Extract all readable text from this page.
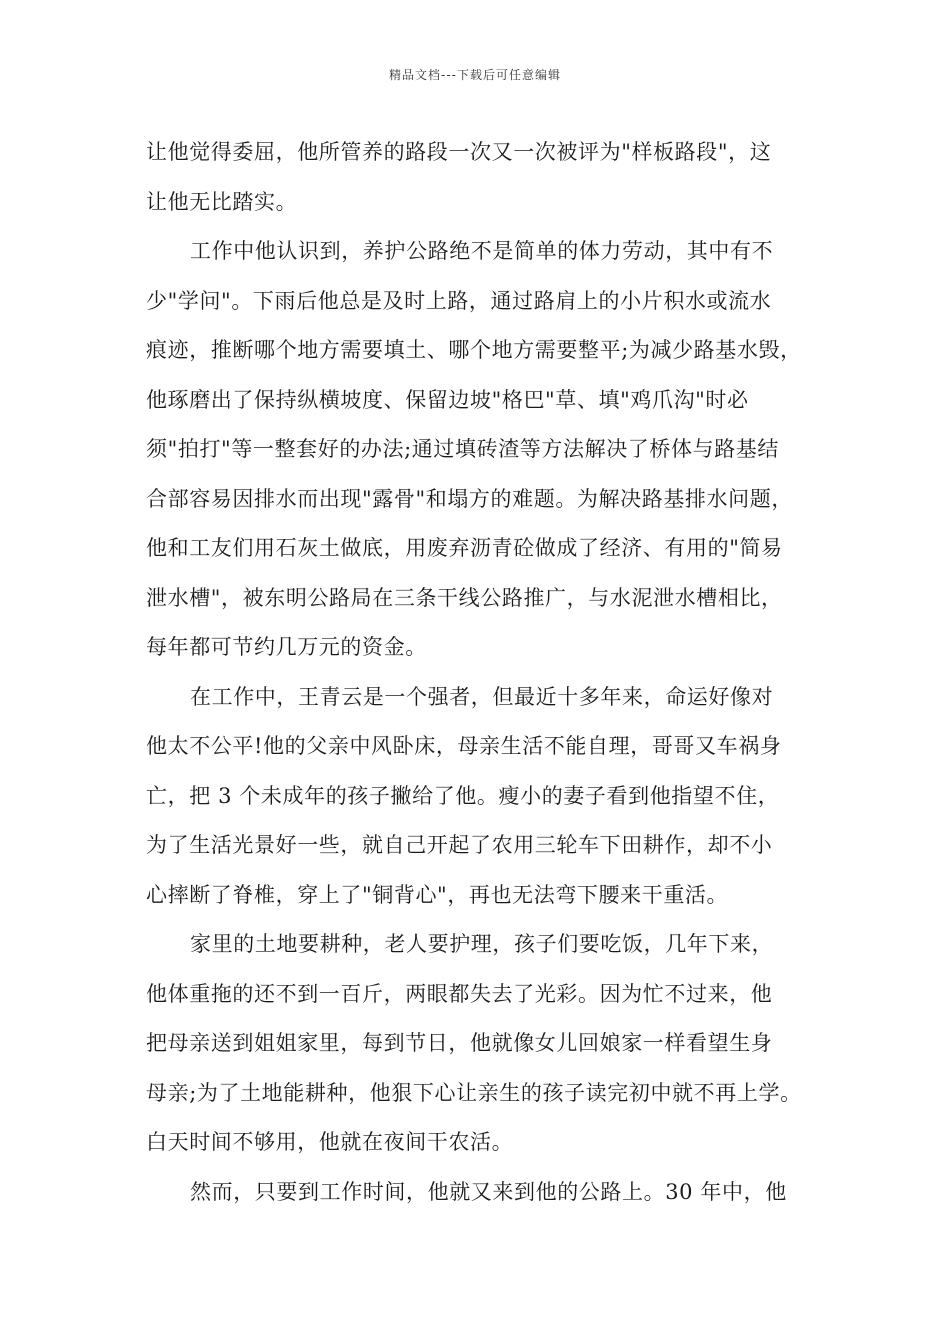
精品文档---下载后可任意编辑
让他觉得委屈，他所管养的路段一次又一次被评为"样板路段"，这
让他无比踏实。
工作中他认识到，养护公路绝不是简单的体力劳动，其中有不
少"学问"。下雨后他总是及时上路，通过路肩上的小片积水或流水
痕迹，推断哪个地方需要填土、哪个地方需要整平;为减少路基水毁，
他琢磨出了保持纵横坡度、保留边坡"格巴"草、填"鸡爪沟"时必
须"拍打"等一整套好的办法;通过填砖渣等方法解决了桥体与路基结
合部容易因排水而出现"露骨"和塌方的难题。为解决路基排水问题，
他和工友们用石灰土做底，用废弃沥青砼做成了经济、有用的"简易
泄水槽"，被东明公路局在三条干线公路推广，与水泥泄水槽相比，
每年都可节约几万元的资金。
在工作中，王青云是一个强者，但最近十多年来，命运好像对
他太不公平!他的父亲中风卧床，母亲生活不能自理，哥哥又车祸身
亡，把 3 个未成年的孩子撇给了他。瘦小的妻子看到他指望不住，
为了生活光景好一些，就自己开起了农用三轮车下田耕作，却不小
心摔断了脊椎，穿上了"铜背心"，再也无法弯下腰来干重活。
家里的土地要耕种，老人要护理，孩子们要吃饭，几年下来，
他体重拖的还不到一百斤，两眼都失去了光彩。因为忙不过来，他
把母亲送到姐姐家里，每到节日，他就像女儿回娘家一样看望生身
母亲;为了土地能耕种，他狠下心让亲生的孩子读完初中就不再上学。
白天时间不够用，他就在夜间干农活。
然而，只要到工作时间，他就又来到他的公路上。30 年中，他
